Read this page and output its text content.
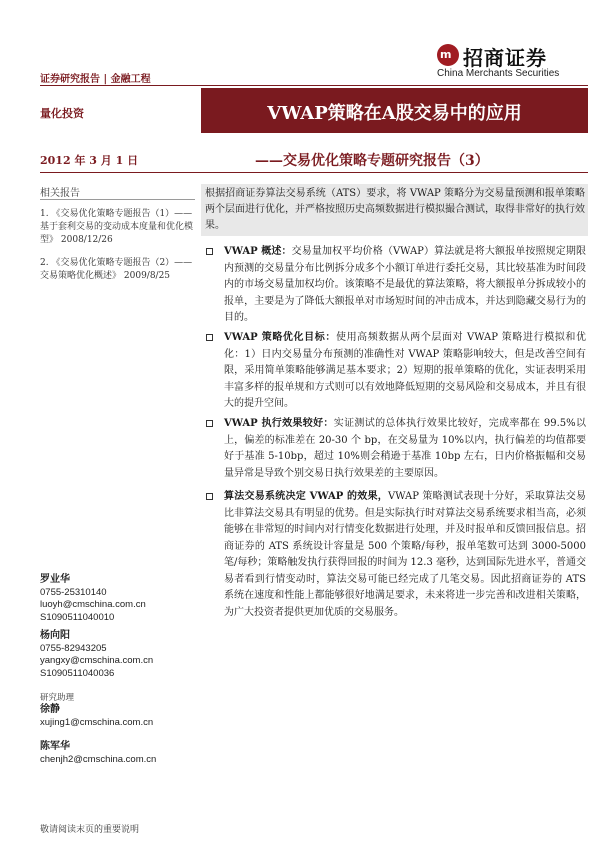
m 招商证券
China Merchants Securities
证券研究报告 | 金融工程
量化投资	VWAP策略在A股交易中的应用
2012 年 3 月 1 日	——交易优化策略专题研究报告（3）
相关报告
1. 《交易优化策略专题报告（1）——基于套利交易的变动成本度量和优化模型》 2008/12/26
2. 《交易优化策略专题报告（2）——交易策略优化概述》 2009/8/25
罗业华
0755-25310140
luoyh@cmschina.com.cn
S1090511040010
杨向阳
0755-82943205
yangxy@cmschina.com.cn
S1090511040036
研究助理
徐静
xujing1@cmschina.com.cn
陈军华
chenjh2@cmschina.com.cn
敬请阅读末页的重要说明
根据招商证券算法交易系统（ATS）要求，将 VWAP 策略分为交易量预测和报单策略两个层面进行优化，并严格按照历史高频数据进行模拟撮合测试，取得非常好的执行效果。

VWAP 概述：交易量加权平均价格（VWAP）算法就是将大额报单按照规定期限内预测的交易量分布比例拆分成多个小额订单进行委托交易，其比较基准为时间段内的市场交易量加权均价。该策略不是最优的算法策略，将大额报单分拆成较小的报单，主要是为了降低大额报单对市场短时间的冲击成本，并达到隐藏交易行为的目的。

VWAP 策略优化目标：使用高频数据从两个层面对 VWAP 策略进行模拟和优化：1）日内交易量分布预测的准确性对 VWAP 策略影响较大，但是改善空间有限，采用简单策略能够满足基本要求；2）短期的报单策略的优化，实证表明采用丰富多样的报单规和方式则可以有效地降低短期的交易风险和交易成本，并且有很大的提升空间。

VWAP 执行效果较好：实证测试的总体执行效果比较好，完成率都在 99.5%以上，偏差的标准差在 20-30 个 bp，在交易量为 10%以内，执行偏差的均值都要好于基准 5-10bp，超过 10%则会稍逊于基准 10bp 左右，日内价格振幅和交易量异常是导致个别交易日执行效果差的主要原因。

算法交易系统决定 VWAP 的效果，VWAP 策略测试表现十分好，采取算法交易比非算法交易具有明显的优势。但是实际执行时对算法交易系统要求相当高，必须能够在非常短的时间内对行情变化数据进行处理，并及时报单和反馈回报信息。招商证券的 ATS 系统设计容量是 500 个策略/每秒，报单笔数可达到 3000-5000 笔/每秒；策略触发执行获得回报的时间为 12.3 毫秒，达到国际先进水平，普通交易者看到行情变动时，算法交易可能已经完成了几笔交易。因此招商证券的 ATS 系统在速度和性能上都能够很好地满足要求，未来将进一步完善和改进相关策略，为广大投资者提供更加优质的交易服务。
